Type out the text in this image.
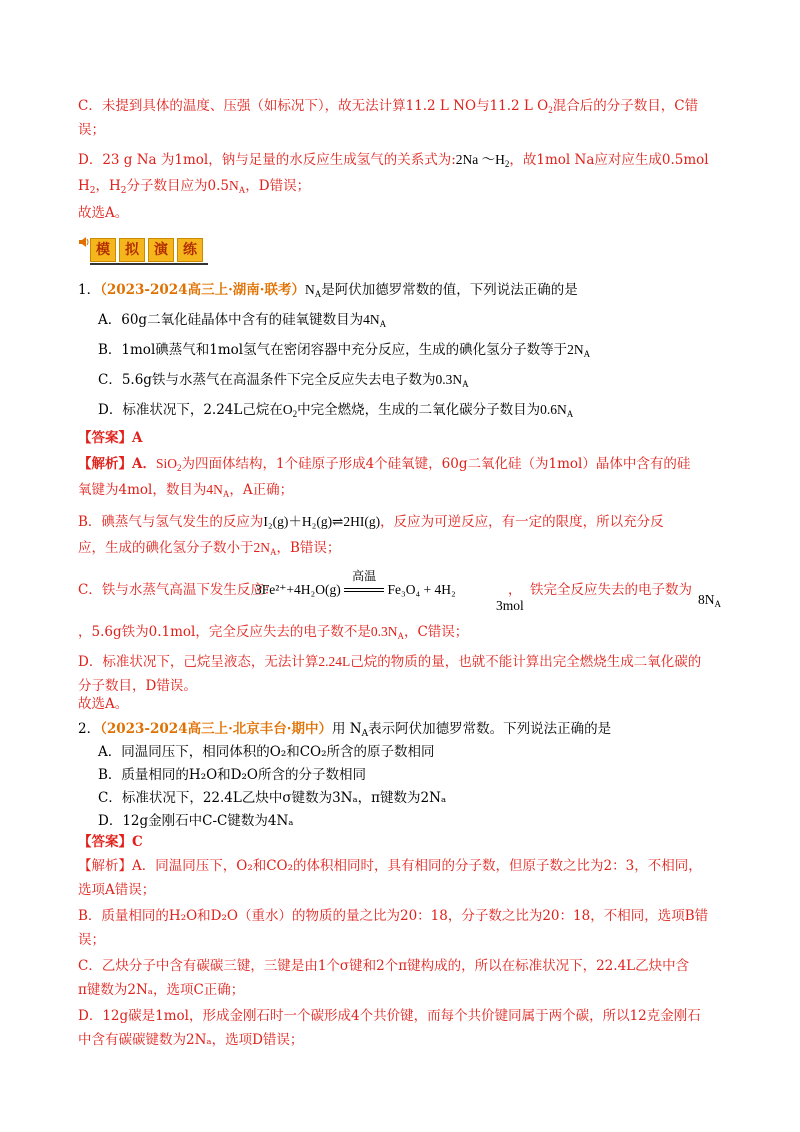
C．未提到具体的温度、压强（如标况下），故无法计算11.2 L NO与11.2 L $O_2$混合后的分子数目，C错
误；
D．23 g Na 为1mol，钠与足量的水反应生成氢气的关系式为:2Na $\sim H_2$，故1mol Na应对应生成0.5mol
$H_2$，$H_2$分子数目应为$0.5N_A$，D错误；
故选A。
模	拟	演	练
1．（2023-2024高三上·湖南·联考）$N_A$是阿伏加德罗常数的值，下列说法正确的是
A．60g二氧化硅晶体中含有的硅氧键数目为$4N_A$
B．1mol碘蒸气和1mol氢气在密闭容器中充分反应，生成的碘化氢分子数等于$2N_A$
C．5.6g铁与水蒸气在高温条件下完全反应失去电子数为$0.3N_A$
D．标准状况下，2.24L己烷在$O_2$中完全燃烧，生成的二氧化碳分子数目为$0.6N_A$
【答案】A
【解析】A．SiO$_2$为四面体结构，1个硅原子形成4个硅氧键，60g二氧化硅（为1mol）晶体中含有的硅
氧键为4mol，数目为$4N_A$，A正确；
B．碘蒸气与氢气发生的反应为I₂(g)＋H₂(g)⇌2HI(g)，反应为可逆反应，有一定的限度，所以充分反
应，生成的碘化氢分子数小于$2N_A$，B错误；
C．铁与水蒸气高温下发生反应：
3Fe²⁺+4H₂O(g)
高温
Fe₃O₄ + 4H₂	，
3mol
铁完全反应失去的电子数为
$8N_A$
，5.6g铁为0.1mol，完全反应失去的电子数不是$0.3N_A$，C错误；
D．标准状况下，己烷呈液态，无法计算2.24L己烷的物质的量，也就不能计算出完全燃烧生成二氧化碳的
分子数目，D错误。
故选A。
2．（2023-2024高三上·北京丰台·期中）用 $N_A$表示阿伏加德罗常数。下列说法正确的是
A．同温同压下，相同体积的O₂和CO₂所含的原子数相同
B．质量相同的H₂O和D₂O所含的分子数相同
C．标准状况下，22.4L乙炔中σ键数为3Nₐ，π键数为2Nₐ
D．12g金刚石中C-C键数为4Nₐ
【答案】C
【解析】A．同温同压下，O₂和CO₂的体积相同时，具有相同的分子数，但原子数之比为2：3，不相同，
选项A错误；
B．质量相同的H₂O和D₂O（重水）的物质的量之比为20：18，分子数之比为20：18，不相同，选项B错
误；
C．乙炔分子中含有碳碳三键，三键是由1个σ键和2个π键构成的，所以在标准状况下，22.4L乙炔中含
π键数为2Nₐ，选项C正确；
D．12g碳是1mol，形成金刚石时一个碳形成4个共价键，而每个共价键同属于两个碳，所以12克金刚石
中含有碳碳键数为2Nₐ，选项D错误；
